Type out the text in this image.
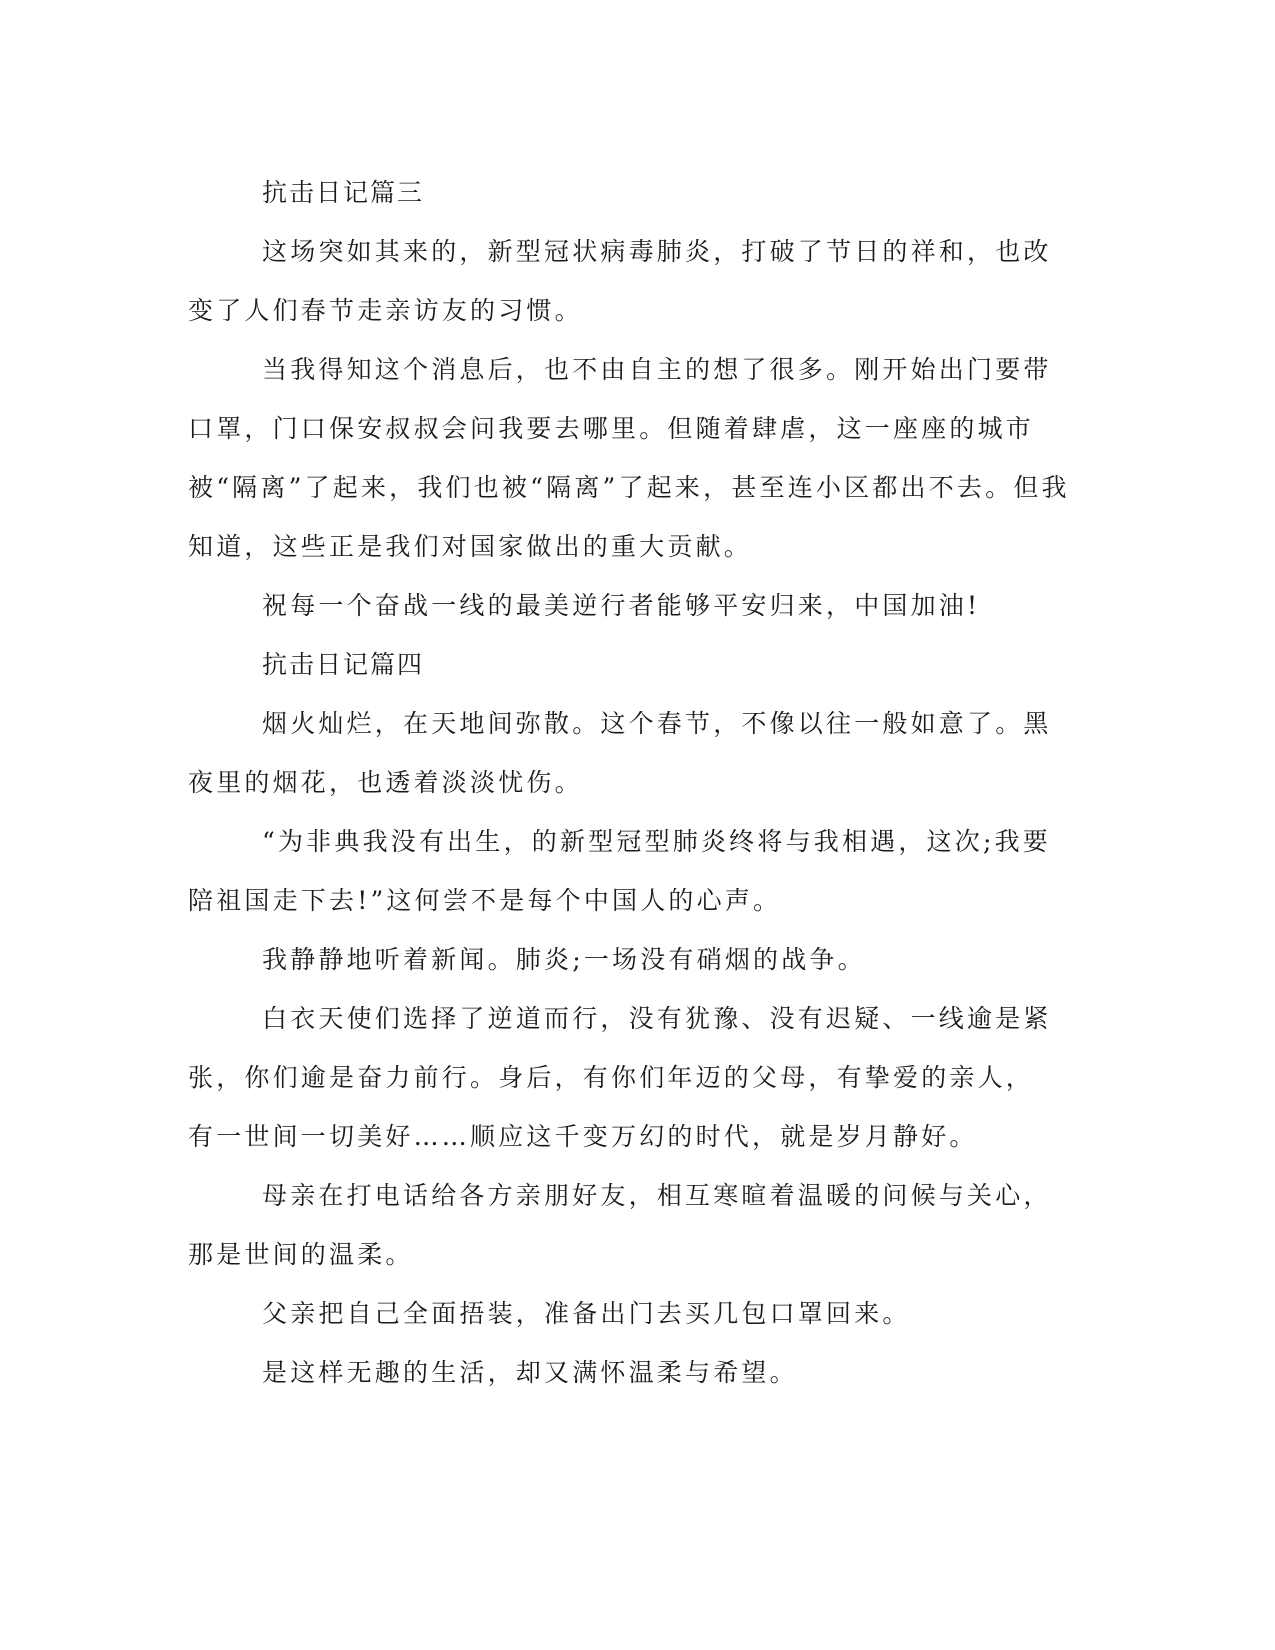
抗击日记篇三
这场突如其来的，新型冠状病毒肺炎，打破了节日的祥和，也改
变了人们春节走亲访友的习惯。
当我得知这个消息后，也不由自主的想了很多。刚开始出门要带
口罩，门口保安叔叔会问我要去哪里。但随着肆虐，这一座座的城市
被“隔离”了起来，我们也被“隔离”了起来，甚至连小区都出不去。但我
知道，这些正是我们对国家做出的重大贡献。
祝每一个奋战一线的最美逆行者能够平安归来，中国加油!
抗击日记篇四
烟火灿烂，在天地间弥散。这个春节，不像以往一般如意了。黑
夜里的烟花，也透着淡淡忧伤。
“为非典我没有出生，的新型冠型肺炎终将与我相遇，这次;我要
陪祖国走下去!”这何尝不是每个中国人的心声。
我静静地听着新闻。肺炎;一场没有硝烟的战争。
白衣天使们选择了逆道而行，没有犹豫、没有迟疑、一线逾是紧
张，你们逾是奋力前行。身后，有你们年迈的父母，有挚爱的亲人，
有一世间一切美好……顺应这千变万幻的时代，就是岁月静好。
母亲在打电话给各方亲朋好友，相互寒暄着温暖的问候与关心，
那是世间的温柔。
父亲把自己全面捂装，准备出门去买几包口罩回来。
是这样无趣的生活，却又满怀温柔与希望。
